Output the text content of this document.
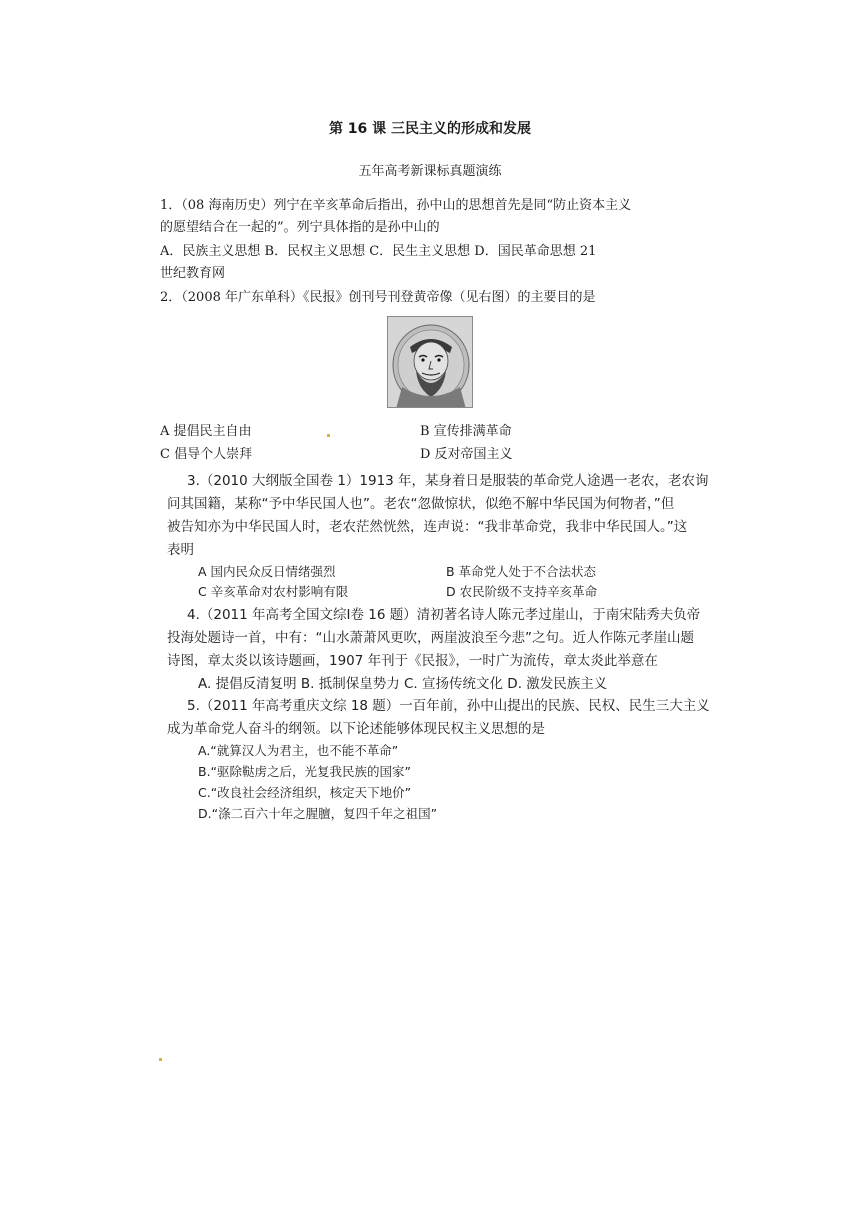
第 16 课 三民主义的形成和发展
五年高考新课标真题演练
1．（08 海南历史）列宁在辛亥革命后指出，孙中山的思想首先是同“防止资本主义
的愿望结合在一起的”。列宁具体指的是孙中山的
A．民族主义思想 B．民权主义思想 C．民生主义思想 D．国民革命思想 21
世纪教育网
2．（2008 年广东单科）《民报》创刊号刊登黄帝像（见右图）的主要目的是
A 提倡民主自由	B 宣传排满革命
C 倡导个人崇拜	D 反对帝国主义
3.（2010 大纲版全国卷 1）1913 年，某身着日是服装的革命党人途遇一老农，老农询
问其国籍，某称“予中华民国人也”。老农“忽做惊状，似绝不解中华民国为何物者，”但
被告知亦为中华民国人时，老农茫然恍然，连声说：“我非革命党，我非中华民国人。”这
表明
A 国内民众反日情绪强烈	B 革命党人处于不合法状态
C 辛亥革命对农村影响有限	D 农民阶级不支持辛亥革命
4.（2011 年高考全国文综Ⅰ卷 16 题）清初著名诗人陈元孝过崖山，于南宋陆秀夫负帝
投海处题诗一首，中有：“山水萧萧风更吹，两崖波浪至今悲”之句。近人作陈元孝崖山题
诗图，章太炎以该诗题画，1907 年刊于《民报》，一时广为流传，章太炎此举意在
A. 提倡反清复明 B. 抵制保皇势力 C. 宣扬传统文化 D. 激发民族主义
5.（2011 年高考重庆文综 18 题）一百年前，孙中山提出的民族、民权、民生三大主义
成为革命党人奋斗的纲领。以下论述能够体现民权主义思想的是
A.“就算汉人为君主，也不能不革命”
B.“驱除鞑虏之后，光复我民族的国家”
C.“改良社会经济组织，核定天下地价”
D.“涤二百六十年之腥膻，复四千年之祖国”
